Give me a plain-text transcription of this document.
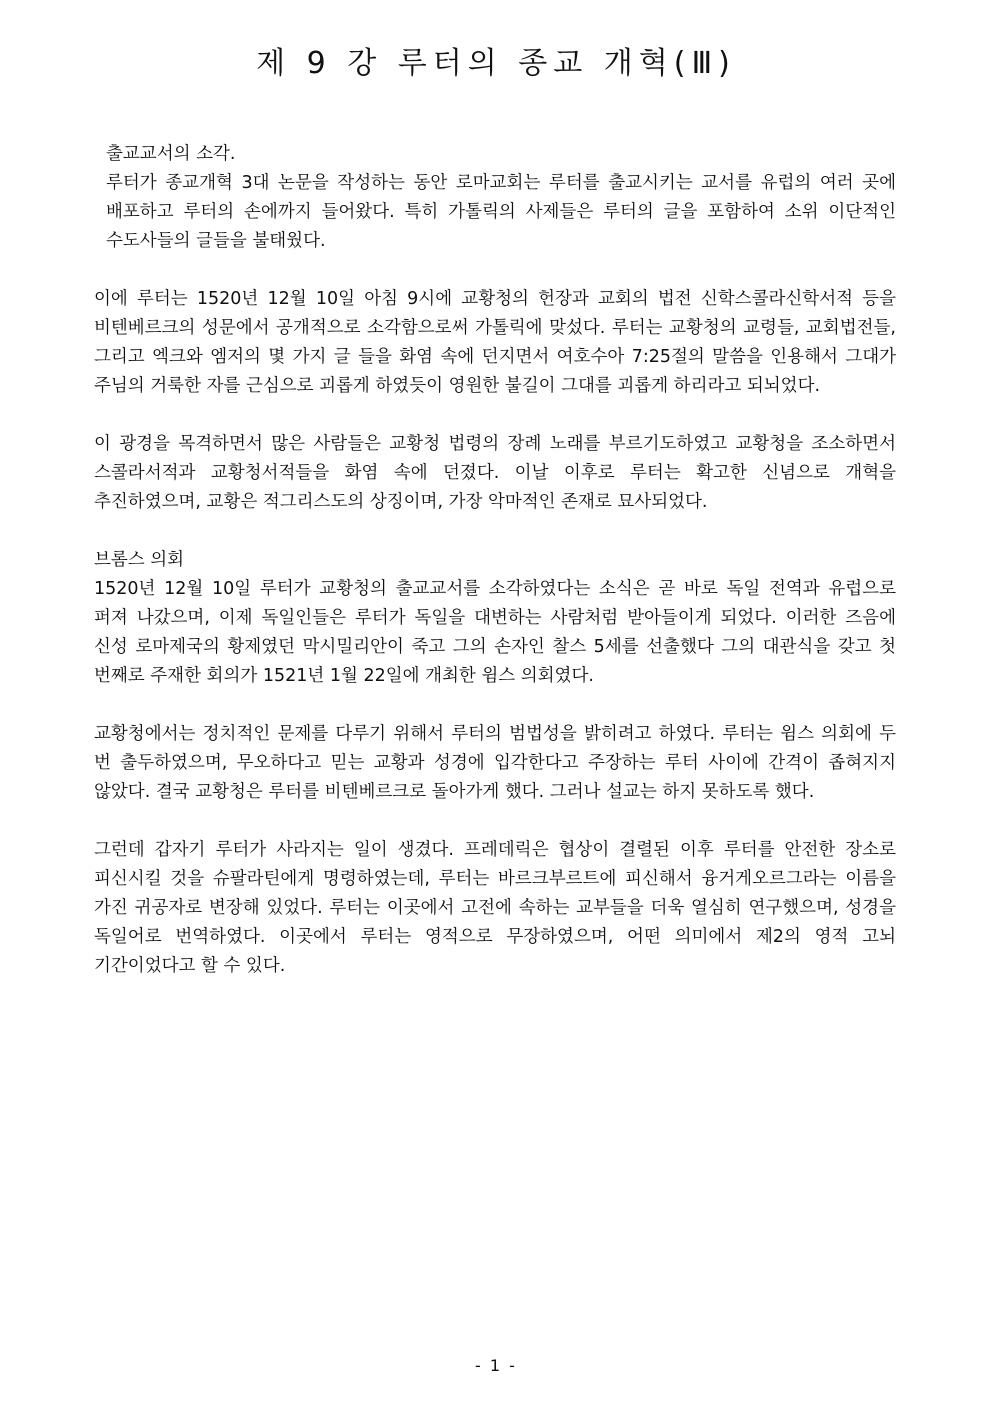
제 9 강 루터의 종교 개혁(Ⅲ)

출교교서의 소각.

루터가 종교개혁 3대 논문을 작성하는 동안 로마교회는 루터를 출교시키는 교서를 유럽의 여러 곳에 배포하고 루터의 손에까지 들어왔다. 특히 가톨릭의 사제들은 루터의 글을 포함하여 소위 이단적인 수도사들의 글들을 불태웠다.

이에 루터는 1520년 12월 10일 아침 9시에 교황청의 헌장과 교회의 법전 신학스콜라신학서적 등을 비텐베르크의 성문에서 공개적으로 소각함으로써 가톨릭에 맞섰다. 루터는 교황청의 교령들, 교회법전들, 그리고 엑크와 엠저의 몇 가지 글 들을 화염 속에 던지면서 여호수아 7:25절의 말씀을 인용해서 그대가 주님의 거룩한 자를 근심으로 괴롭게 하였듯이 영원한 불길이 그대를 괴롭게 하리라고 되뇌었다.

이 광경을 목격하면서 많은 사람들은 교황청 법령의 장례 노래를 부르기도하였고 교황청을 조소하면서 스콜라서적과 교황청서적들을 화염 속에 던졌다. 이날 이후로 루터는 확고한 신념으로 개혁을 추진하였으며, 교황은 적그리스도의 상징이며, 가장 악마적인 존재로 묘사되었다.

브롬스 의회

1520년 12월 10일 루터가 교황청의 출교교서를 소각하였다는 소식은 곧 바로 독일 전역과 유럽으로 퍼져 나갔으며, 이제 독일인들은 루터가 독일을 대변하는 사람처럼 받아들이게 되었다. 이러한 즈음에 신성 로마제국의 황제였던 막시밀리안이 죽고 그의 손자인 찰스 5세를 선출했다 그의 대관식을 갖고 첫 번째로 주재한 회의가 1521년 1월 22일에 개최한 윔스 의회였다.

교황청에서는 정치적인 문제를 다루기 위해서 루터의 범법성을 밝히려고 하였다. 루터는 윔스 의회에 두 번 출두하였으며, 무오하다고 믿는 교황과 성경에 입각한다고 주장하는 루터 사이에 간격이 좁혀지지 않았다. 결국 교황청은 루터를 비텐베르크로 돌아가게 했다. 그러나 설교는 하지 못하도록 했다.

그런데 갑자기 루터가 사라지는 일이 생겼다. 프레데릭은 협상이 결렬된 이후 루터를 안전한 장소로 피신시킬 것을 슈팔라틴에게 명령하였는데, 루터는 바르크부르트에 피신해서 융거게오르그라는 이름을 가진 귀공자로 변장해 있었다. 루터는 이곳에서 고전에 속하는 교부들을 더욱 열심히 연구했으며, 성경을 독일어로 번역하였다. 이곳에서 루터는 영적으로 무장하였으며, 어떤 의미에서 제2의 영적 고뇌 기간이었다고 할 수 있다.

- 1 -
